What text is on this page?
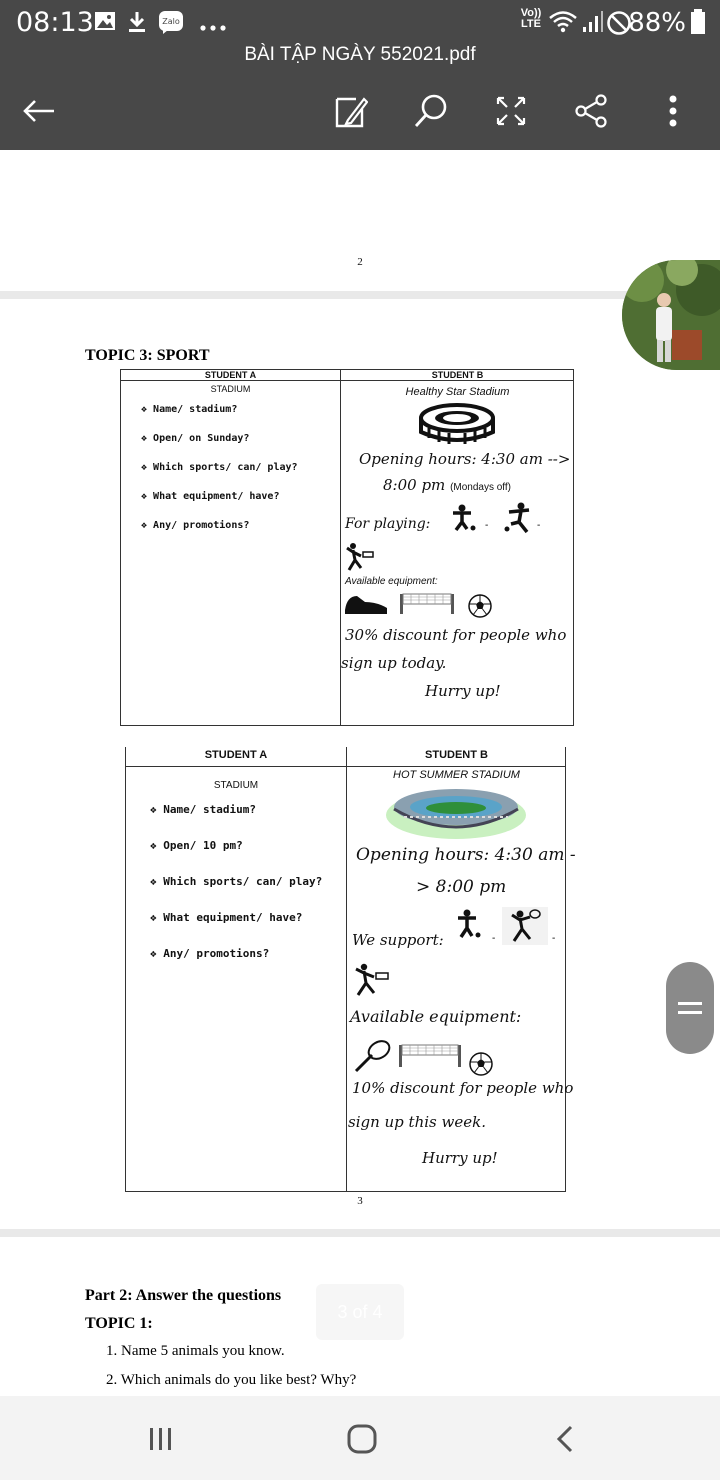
08:13	Zalo
Vo)) LTE	88%
BÀI TẬP NGÀY 552021.pdf
2
TOPIC 3: SPORT
STUDENT A	STUDENT B
STADIUM
❖ Name/ stadium?
❖ Open/ on Sunday?
❖ Which sports/ can/ play?
❖ What equipment/ have?
❖ Any/ promotions?
Healthy Star Stadium
Opening hours: 4:30 am -->
8:00 pm (Mondays off)
For playing:	-	-
Available equipment:
30% discount for people who
sign up today.
Hurry up!
STUDENT A	STUDENT B
STADIUM
❖ Name/ stadium?
❖ Open/ 10 pm?
❖ Which sports/ can/ play?
❖ What equipment/ have?
❖ Any/ promotions?
HOT SUMMER STADIUM
Opening hours: 4:30 am -
> 8:00 pm
We support:	-	-
Available equipment:
10% discount for people who
sign up this week.
Hurry up!
3
Part 2: Answer the questions
TOPIC 1:
1. Name 5 animals you know.
2. Which animals do you like best? Why?
3 of 4
